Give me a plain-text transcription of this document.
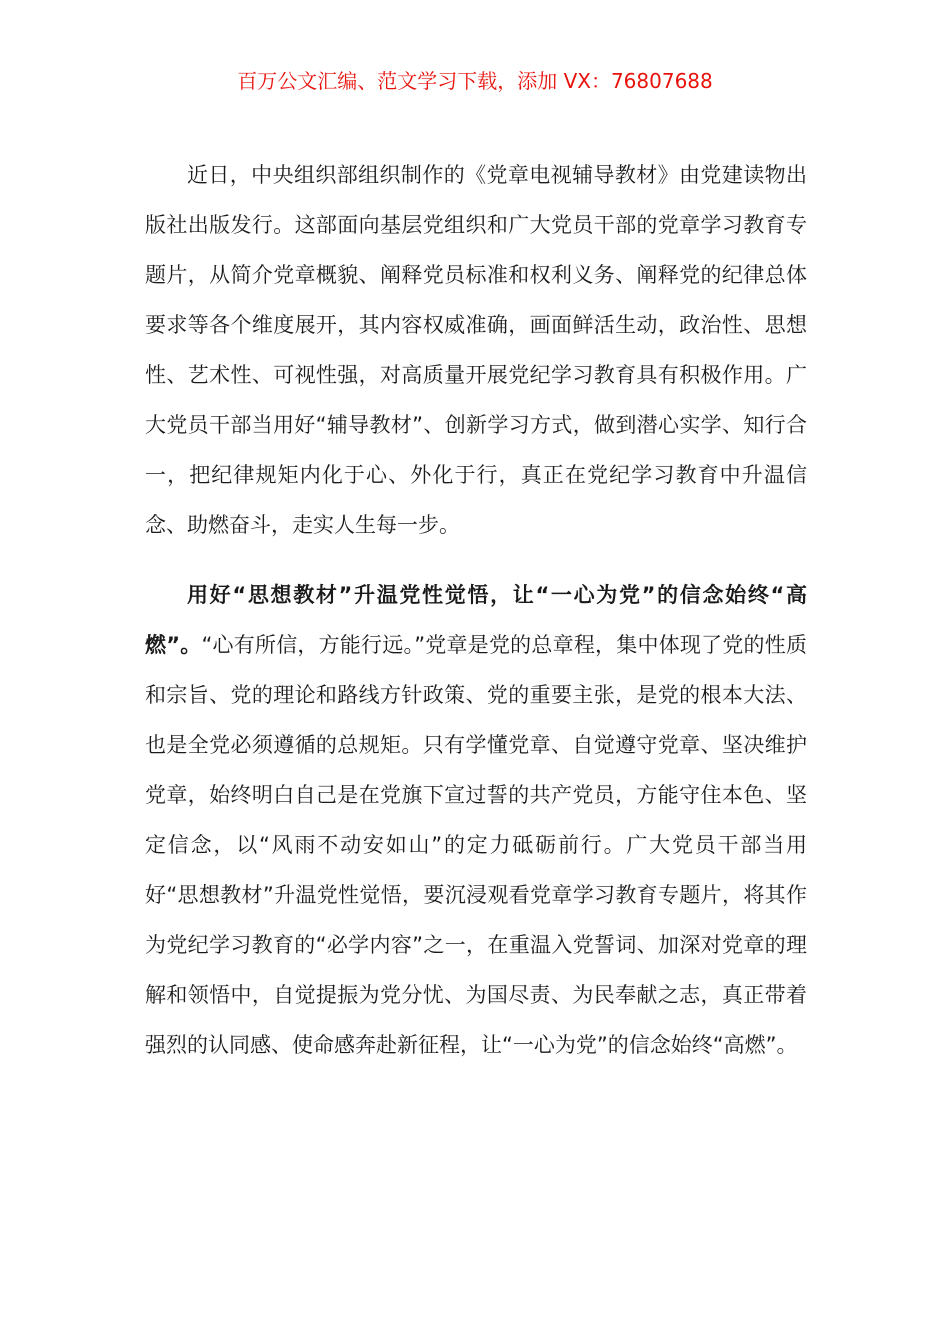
百万公文汇编、范文学习下载，添加 VX：76807688

近日，中央组织部组织制作的《党章电视辅导教材》由党建读物出版社出版发行。这部面向基层党组织和广大党员干部的党章学习教育专题片，从简介党章概貌、阐释党员标准和权利义务、阐释党的纪律总体要求等各个维度展开，其内容权威准确，画面鲜活生动，政治性、思想性、艺术性、可视性强，对高质量开展党纪学习教育具有积极作用。广大党员干部当用好“辅导教材”、创新学习方式，做到潜心实学、知行合一，把纪律规矩内化于心、外化于行，真正在党纪学习教育中升温信念、助燃奋斗，走实人生每一步。

用好“思想教材”升温党性觉悟，让“一心为党”的信念始终“高燃”。“心有所信，方能行远。”党章是党的总章程，集中体现了党的性质和宗旨、党的理论和路线方针政策、党的重要主张，是党的根本大法、也是全党必须遵循的总规矩。只有学懂党章、自觉遵守党章、坚决维护党章，始终明白自己是在党旗下宣过誓的共产党员，方能守住本色、坚定信念，以“风雨不动安如山”的定力砥砺前行。广大党员干部当用好“思想教材”升温党性觉悟，要沉浸观看党章学习教育专题片，将其作为党纪学习教育的“必学内容”之一，在重温入党誓词、加深对党章的理解和领悟中，自觉提振为党分忧、为国尽责、为民奉献之志，真正带着强烈的认同感、使命感奔赴新征程，让“一心为党”的信念始终“高燃”。
